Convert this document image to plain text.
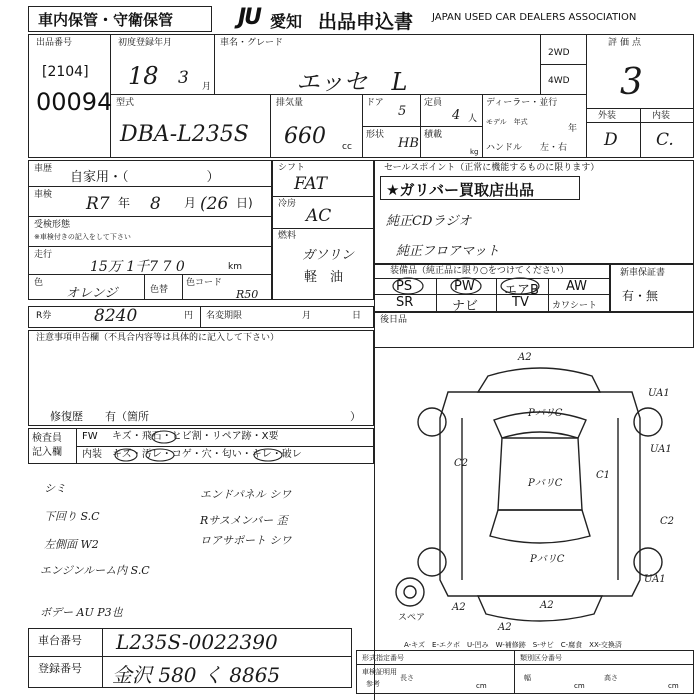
車内保管・守衛保管	JU 愛知 出品申込書 JAPAN USED CAR DEALERS ASSOCIATION
出品番号
[2104]
00094
初度登録年月
18 3 月
車名・グレード
エッセ　L
2WD
4WD
評価点
3
外装	内装
D C.
型式
DBA-L235S
排気量
660 cc
ドア
5
定員
4 人
形状
HB
積載
kg
ディーラー・並行
モデル　年式
年
ハンドル 左・右
車歴
自家用・（　　　　　　）
車検 R7 年 8 月 (26 日)
受検形態
※車検付きの記入をして下さい
走行
15万 1千7 7 0	km
色
オレンジ	色替
色コード
R50
シフト
FAT
冷房
AC
燃料
ガソリン
軽　油
セールスポイント（正常に機能するものに限ります）
★ガリバー買取店出品
純正CDラジオ
純正フロアマット
装備品（純正品に限り○をつけてください）
PS	PW エアB AW
SR	ナビ	TV	カワシート
新車保証書
有・無
R券	8240	円 名変期限	月	日 後日品
注意事項申告欄（不具合内容等は具体的に記入して下さい）
修復歴　　有（箇所	）
検査員
記入欄
FW キズ・飛石・ヒビ割・リペア跡・X要
内装 キズ・汚レ・コゲ・穴・匂い・キレ・破レ
シミ	エンドパネル シワ
下回り S.C	Rサスメンバー 歪
左側面 W2	ロアサポート シワ
エンジンルーム内 S.C
ボデー AU P3也	スペア
A2
UA1
C2
PバリC
PバリC
PバリC
C1
C2
A2
UA1
UA1
A2
A2
A-キズ　E-エクボ　U-凹み　W-補修跡　S-サビ　C-腐食　XX-交換済
車台番号 L235S-0022390
登録番号 金沢 580 く 8865
形式指定番号	類別区分番号
車検証明用
参考
長さ
cm
幅
cm
高さ
cm
